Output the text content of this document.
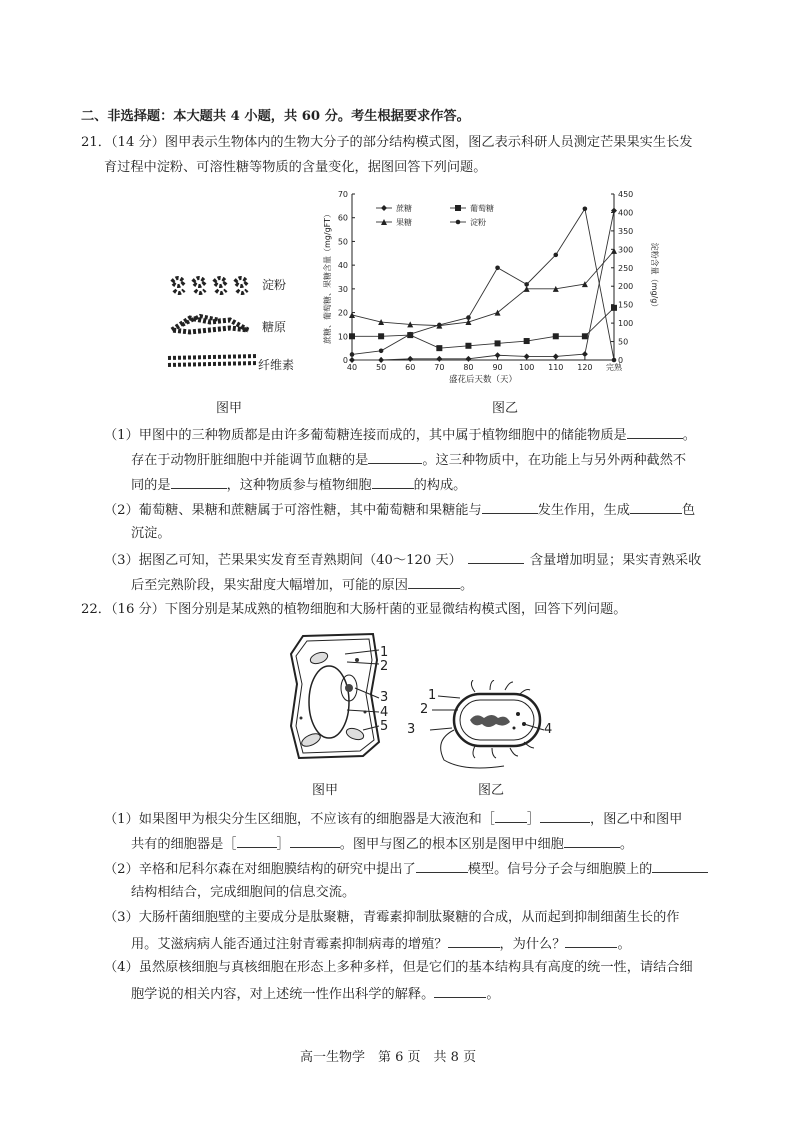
二、非选择题：本大题共 4 小题，共 60 分。考生根据要求作答。
21．（14 分）图甲表示生物体内的生物大分子的部分结构模式图，图乙表示科研人员测定芒果果实生长发
育过程中淀粉、可溶性糖等物质的含量变化，据图回答下列问题。
淀粉
糖原
纤维素
图甲
0
10
20
30
40
50
60
70
0
50
100
150
200
250
300
350
400
450
40 50 60 70 80 90 100 110 120 完熟
盛花后天数（天）
蔗糖、葡萄糖、果糖含量（mg/gFT）	淀粉含量（mg/g）
蔗糖	葡萄糖
果糖	淀粉
图乙
（1）甲图中的三种物质都是由许多葡萄糖连接而成的，其中属于植物细胞中的储能物质是	。
存在于动物肝脏细胞中并能调节血糖的是	。这三种物质中，在功能上与另外两种截然不
同的是	，这种物质参与植物细胞	的构成。
（2）葡萄糖、果糖和蔗糖属于可溶性糖，其中葡萄糖和果糖能与	发生作用，生成	色
沉淀。
（3）据图乙可知，芒果果实发育至青熟期间（40～120 天）	含量增加明显；果实青熟采收
后至完熟阶段，果实甜度大幅增加，可能的原因	。
22．（16 分）下图分别是某成熟的植物细胞和大肠杆菌的亚显微结构模式图，回答下列问题。
1
2
3
4
5
图甲
1
2
3	4
图乙
（1）如果图甲为根尖分生区细胞，不应该有的细胞器是大液泡和［ ］	，图乙中和图甲
共有的细胞器是［	］	。图甲与图乙的根本区别是图甲中细胞	。
（2）辛格和尼科尔森在对细胞膜结构的研究中提出了	模型。信号分子会与细胞膜上的
结构相结合，完成细胞间的信息交流。
（3）大肠杆菌细胞壁的主要成分是肽聚糖，青霉素抑制肽聚糖的合成，从而起到抑制细菌生长的作
用。艾滋病病人能否通过注射青霉素抑制病毒的增殖？	，为什么？	。
（4）虽然原核细胞与真核细胞在形态上多种多样，但是它们的基本结构具有高度的统一性，请结合细
胞学说的相关内容，对上述统一性作出科学的解释。	。
高一生物学　第 6 页　共 8 页
